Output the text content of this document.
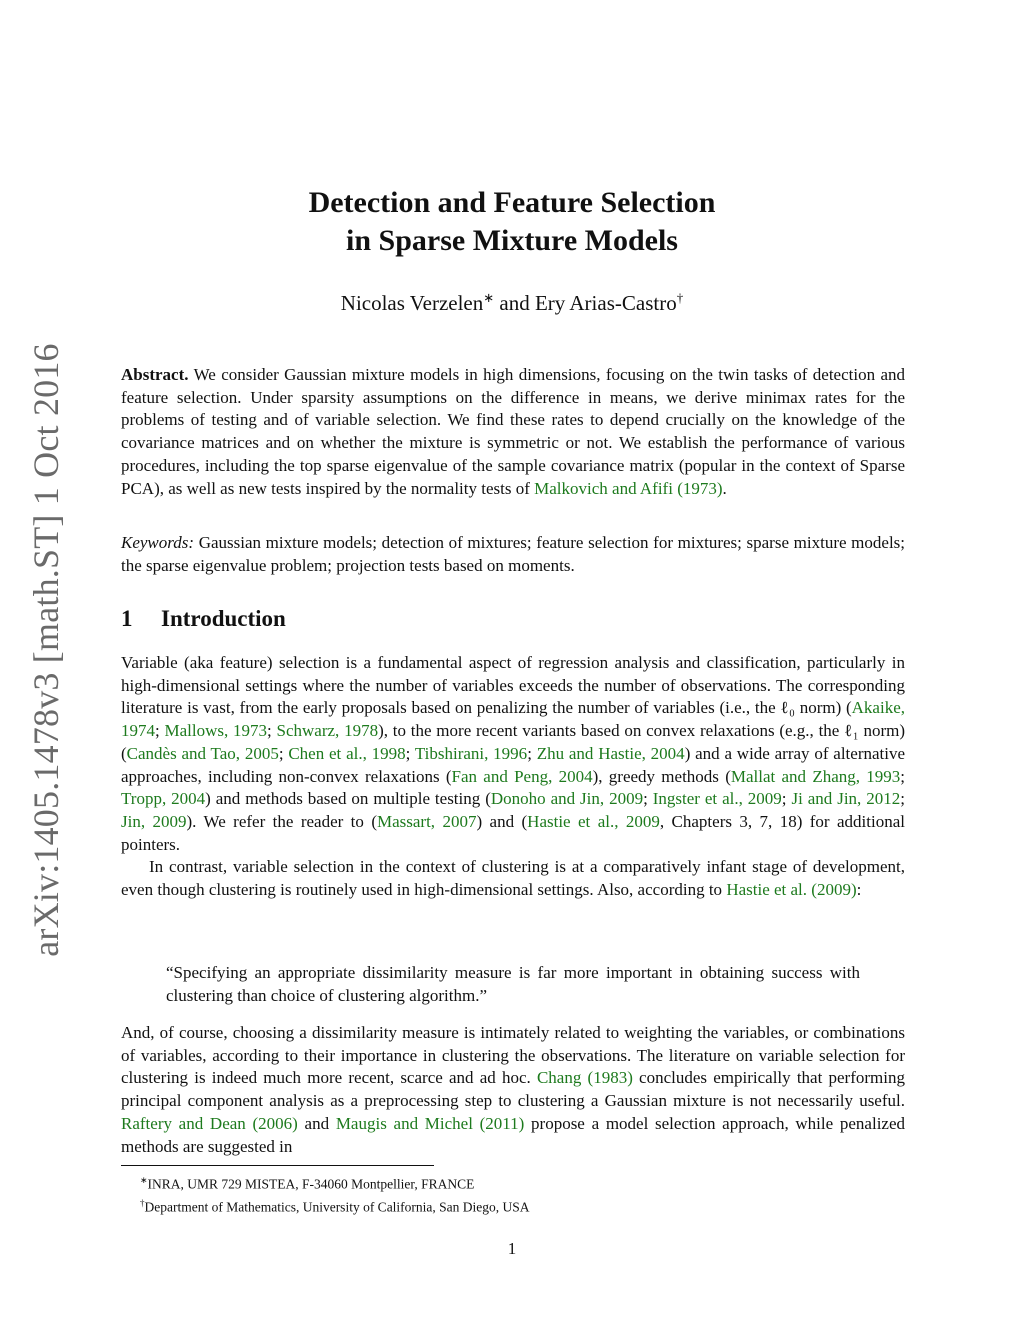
arXiv:1405.1478v3 [math.ST] 1 Oct 2016
Detection and Feature Selection
in Sparse Mixture Models
Nicolas Verzelen∗ and Ery Arias-Castro†
Abstract. We consider Gaussian mixture models in high dimensions, focusing on the twin tasks of detection and feature selection. Under sparsity assumptions on the difference in means, we derive minimax rates for the problems of testing and of variable selection. We find these rates to depend crucially on the knowledge of the covariance matrices and on whether the mixture is symmetric or not. We establish the performance of various procedures, including the top sparse eigenvalue of the sample covariance matrix (popular in the context of Sparse PCA), as well as new tests inspired by the normality tests of Malkovich and Afifi (1973).
Keywords: Gaussian mixture models; detection of mixtures; feature selection for mixtures; sparse mixture models; the sparse eigenvalue problem; projection tests based on moments.
1 Introduction

Variable (aka feature) selection is a fundamental aspect of regression analysis and classification, particularly in high-dimensional settings where the number of variables exceeds the number of observations. The corresponding literature is vast, from the early proposals based on penalizing the number of variables (i.e., the ℓ₀ norm) (Akaike, 1974; Mallows, 1973; Schwarz, 1978), to the more recent variants based on convex relaxations (e.g., the ℓ₁ norm) (Candès and Tao, 2005; Chen et al., 1998; Tibshirani, 1996; Zhu and Hastie, 2004) and a wide array of alternative approaches, including non-convex relaxations (Fan and Peng, 2004), greedy methods (Mallat and Zhang, 1993; Tropp, 2004) and methods based on multiple testing (Donoho and Jin, 2009; Ingster et al., 2009; Ji and Jin, 2012; Jin, 2009). We refer the reader to (Massart, 2007) and (Hastie et al., 2009, Chapters 3, 7, 18) for additional pointers.

In contrast, variable selection in the context of clustering is at a comparatively infant stage of development, even though clustering is routinely used in high-dimensional settings. Also, according to Hastie et al. (2009):

“Specifying an appropriate dissimilarity measure is far more important in obtaining success with clustering than choice of clustering algorithm.”

And, of course, choosing a dissimilarity measure is intimately related to weighting the variables, or combinations of variables, according to their importance in clustering the observations. The literature on variable selection for clustering is indeed much more recent, scarce and ad hoc. Chang (1983) concludes empirically that performing principal component analysis as a preprocessing step to clustering a Gaussian mixture is not necessarily useful. Raftery and Dean (2006) and Maugis and Michel (2011) propose a model selection approach, while penalized methods are suggested in

∗INRA, UMR 729 MISTEA, F-34060 Montpellier, FRANCE
†Department of Mathematics, University of California, San Diego, USA
1
